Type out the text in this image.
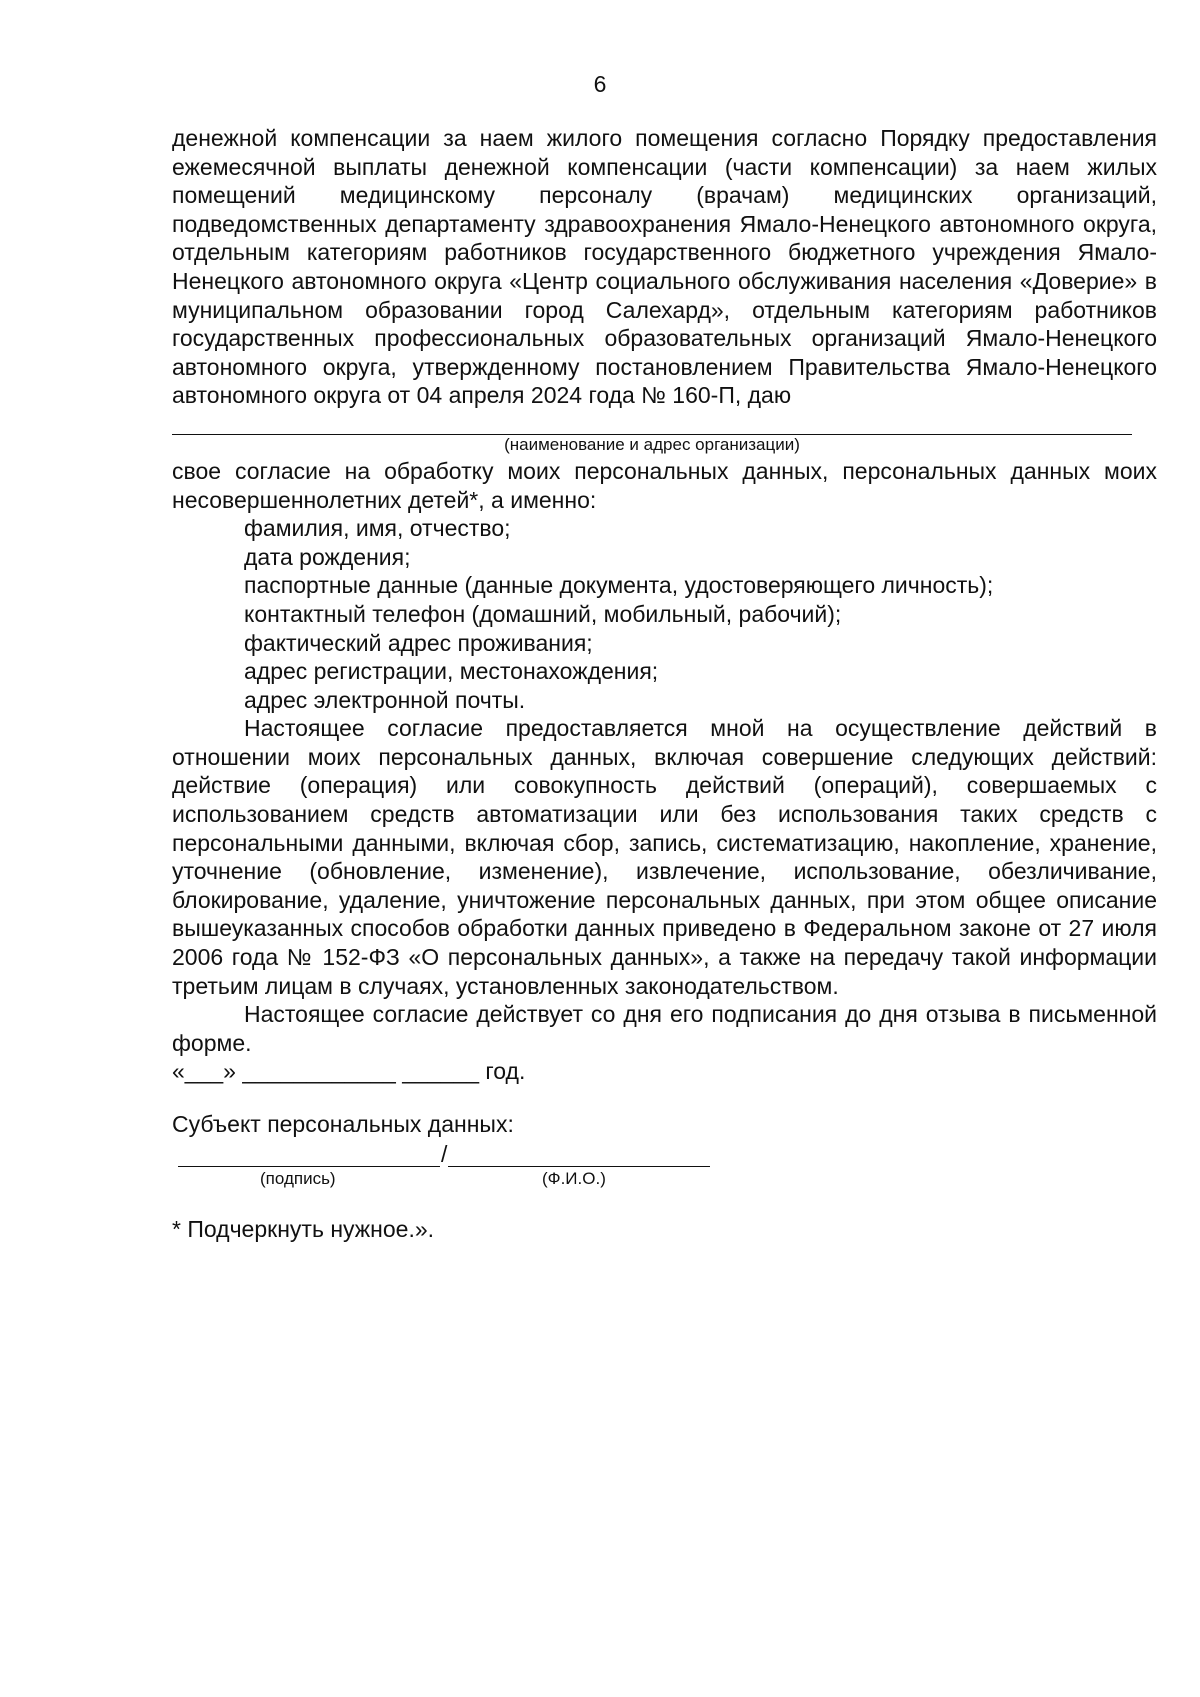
6

денежной компенсации за наем жилого помещения согласно Порядку предоставления ежемесячной выплаты денежной компенсации (части компенсации) за наем жилых помещений медицинскому персоналу (врачам) медицинских организаций, подведомственных департаменту здравоохранения Ямало-Ненецкого автономного округа, отдельным категориям работников государственного бюджетного учреждения Ямало-Ненецкого автономного округа «Центр социального обслуживания населения «Доверие» в муниципальном образовании город Салехард», отдельным категориям работников государственных профессиональных образовательных организаций Ямало-Ненецкого автономного округа, утвержденному постановлением Правительства Ямало-Ненецкого автономного округа от 04 апреля 2024 года № 160-П, даю

(наименование и адрес организации)

свое согласие на обработку моих персональных данных, персональных данных моих несовершеннолетних детей*, а именно:

фамилия, имя, отчество;

дата рождения;

паспортные данные (данные документа, удостоверяющего личность);

контактный телефон (домашний, мобильный, рабочий);

фактический адрес проживания;

адрес регистрации, местонахождения;

адрес электронной почты.

Настоящее согласие предоставляется мной на осуществление действий в отношении моих персональных данных, включая совершение следующих действий: действие (операция) или совокупность действий (операций), совершаемых с использованием средств автоматизации или без использования таких средств с персональными данными, включая сбор, запись, систематизацию, накопление, хранение, уточнение (обновление, изменение), извлечение, использование, обезличивание, блокирование, удаление, уничтожение персональных данных, при этом общее описание вышеуказанных способов обработки данных приведено в Федеральном законе от 27 июля 2006 года № 152-ФЗ «О персональных данных», а также на передачу такой информации третьим лицам в случаях, установленных законодательством.

Настоящее согласие действует со дня его подписания до дня отзыва в письменной форме.

«___» ____________ ______ год.

Субъект персональных данных:

/
(подпись)	(Ф.И.О.)

* Подчеркнуть нужное.».
